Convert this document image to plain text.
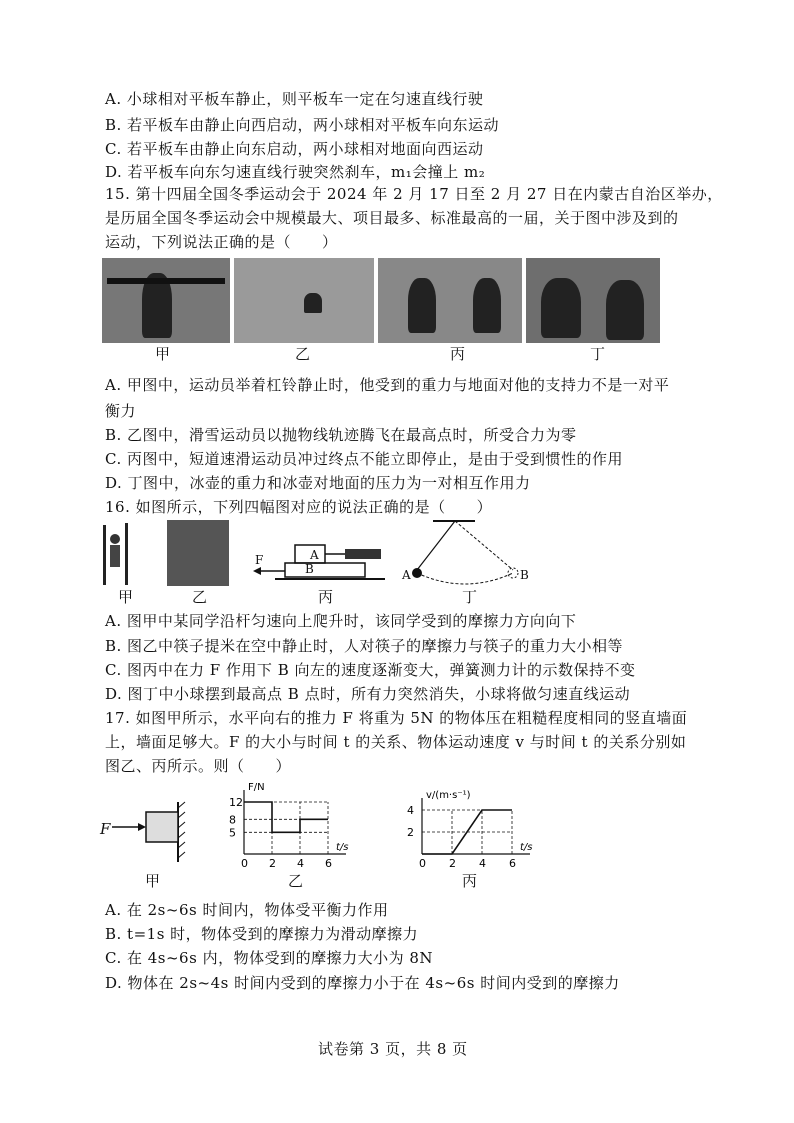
A. 小球相对平板车静止，则平板车一定在匀速直线行驶
B. 若平板车由静止向西启动，两小球相对平板车向东运动
C. 若平板车由静止向东启动，两小球相对地面向西运动
D. 若平板车向东匀速直线行驶突然刹车，m₁会撞上 m₂
15. 第十四届全国冬季运动会于 2024 年 2 月 17 日至 2 月 27 日在内蒙古自治区举办，
是历届全国冬季运动会中规模最大、项目最多、标准最高的一届，关于图中涉及到的
运动，下列说法正确的是（　　）
甲	乙	丙	丁
A. 甲图中，运动员举着杠铃静止时，他受到的重力与地面对他的支持力不是一对平
衡力
B. 乙图中，滑雪运动员以抛物线轨迹腾飞在最高点时，所受合力为零
C. 丙图中，短道速滑运动员冲过终点不能立即停止，是由于受到惯性的作用
D. 丁图中，冰壶的重力和冰壶对地面的压力为一对相互作用力
16. 如图所示，下列四幅图对应的说法正确的是（　　）
A
B
F
A	B
甲	乙	丙	丁
A. 图甲中某同学沿杆匀速向上爬升时，该同学受到的摩擦力方向向下
B. 图乙中筷子提米在空中静止时，人对筷子的摩擦力与筷子的重力大小相等
C. 图丙中在力 F 作用下 B 向左的速度逐渐变大，弹簧测力计的示数保持不变
D. 图丁中小球摆到最高点 B 点时，所有力突然消失，小球将做匀速直线运动
17. 如图甲所示，水平向右的推力 F 将重为 5N 的物体压在粗糙程度相同的竖直墙面
上，墙面足够大。F 的大小与时间 t 的关系、物体运动速度 v 与时间 t 的关系分别如
图乙、丙所示。则（　　）
F
F/N
t/s
0 2 4 6
12
8
5
v/(m·s⁻¹)
t/s
0 2 4 6
4
2
甲	乙	丙
A. 在 2s~6s 时间内，物体受平衡力作用
B. t=1s 时，物体受到的摩擦力为滑动摩擦力
C. 在 4s~6s 内，物体受到的摩擦力大小为 8N
D. 物体在 2s~4s 时间内受到的摩擦力小于在 4s~6s 时间内受到的摩擦力
试卷第 3 页，共 8 页
